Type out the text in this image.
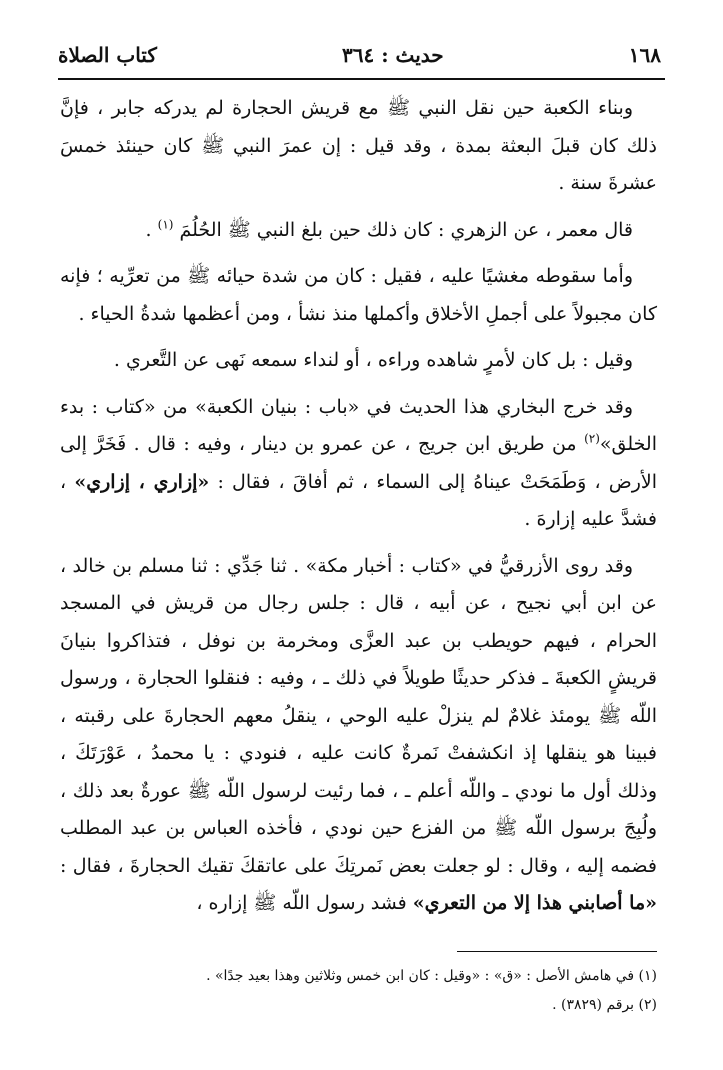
١٦٨
حديث : ٣٦٤
كتاب الصلاة

وبناء الكعبة حين نقل النبي ﷺ مع قريش الحجارة لم يدركه جابر ، فإنَّ ذلك كان قبلَ البعثة بمدة ، وقد قيل : إن عمرَ النبي ﷺ كان حينئذ خمسَ عشرةَ سنة .

قال معمر ، عن الزهري : كان ذلك حين بلغ النبي ﷺ الحُلُمَ $^{(١)}$ .

وأما سقوطه مغشيًا عليه ، فقيل : كان من شدة حيائه ﷺ من تعرِّيه ؛ فإنه كان مجبولاً على أجملِ الأخلاق وأكملها منذ نشأ ، ومن أعظمها شدةُ الحياء .

وقيل : بل كان لأمرٍ شاهده وراءه ، أو لنداء سمعه نَهى عن التَّعري .

وقد خرج البخاري هذا الحديث في «باب : بنيان الكعبة» من «كتاب : بدء الخلق»$^{(٢)}$ من طريق ابن جريج ، عن عمرو بن دينار ، وفيه : قال . فَخَرَّ إلى الأرض ، وَطَمَحَتْ عيناهُ إلى السماء ، ثم أفاقَ ، فقال : «إزاري ، إزاري» ، فشدَّ عليه إزارهَ .

وقد روى الأزرقيُّ في «كتاب : أخبار مكة» . ثنا جَدِّي : ثنا مسلم بن خالد ، عن ابن أبي نجيح ، عن أبيه ، قال : جلس رجال من قريش في المسجد الحرام ، فيهم حويطب بن عبد العزَّى ومخرمة بن نوفل ، فتذاكروا بنيانَ قريشٍ الكعبةَ ـ فذكر حديثًا طويلاً في ذلك ـ ، وفيه : فنقلوا الحجارة ، ورسول اللّه ﷺ يومئذ غلامٌ لم ينزلْ عليه الوحي ، ينقلُ معهم الحجارةَ على رقبته ، فبينا هو ينقلها إذ انكشفتْ نَمرةٌ كانت عليه ، فنودي : يا محمدُ ، عَوْرَتَكَ ، وذلك أول ما نودي ـ واللّه أعلم ـ ، فما رئيت لرسول اللّه ﷺ عورةٌ بعد ذلك ، ولُبِجَ برسول اللّه ﷺ من الفزع حين نودي ، فأخذه العباس بن عبد المطلب فضمه إليه ، وقال : لو جعلت بعض نَمرتِكَ على عاتقكَ تقيك الحجارةَ ، فقال : «ما أصابني هذا إلا من التعري» فشد رسول اللّه ﷺ إزاره ،

(١) في هامش الأصل : «ق» : «وقيل : كان ابن خمس وثلاثين وهذا بعيد جدًا» .

(٢) برقم (٣٨٢٩) .
